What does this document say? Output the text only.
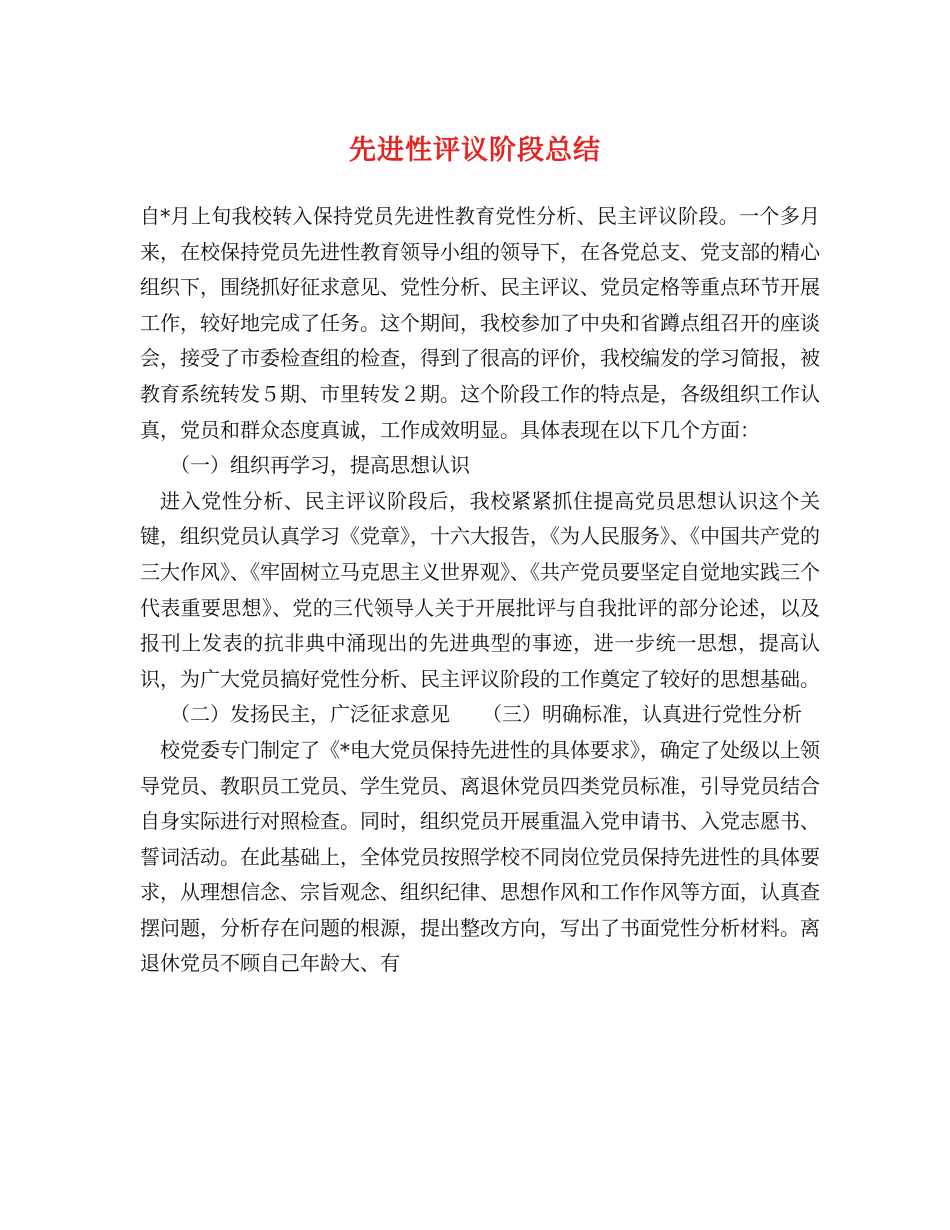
先进性评议阶段总结

自*月上旬我校转入保持党员先进性教育党性分析、民主评议阶段。一个多月来，在校保持党员先进性教育领导小组的领导下，在各党总支、党支部的精心组织下，围绕抓好征求意见、党性分析、民主评议、党员定格等重点环节开展工作，较好地完成了任务。这个期间，我校参加了中央和省蹲点组召开的座谈会，接受了市委检查组的检查，得到了很高的评价，我校编发的学习简报，被教育系统转发５期、市里转发２期。这个阶段工作的特点是，各级组织工作认真，党员和群众态度真诚，工作成效明显。具体表现在以下几个方面：

（一）组织再学习，提高思想认识

进入党性分析、民主评议阶段后，我校紧紧抓住提高党员思想认识这个关键，组织党员认真学习《党章》，十六大报告，《为人民服务》、《中国共产党的三大作风》、《牢固树立马克思主义世界观》、《共产党员要坚定自觉地实践三个代表重要思想》、党的三代领导人关于开展批评与自我批评的部分论述，以及报刊上发表的抗非典中涌现出的先进典型的事迹，进一步统一思想，提高认识，为广大党员搞好党性分析、民主评议阶段的工作奠定了较好的思想基础。

（二）发扬民主，广泛征求意见 （三）明确标准，认真进行党性分析

校党委专门制定了《*电大党员保持先进性的具体要求》，确定了处级以上领导党员、教职员工党员、学生党员、离退休党员四类党员标准，引导党员结合自身实际进行对照检查。同时，组织党员开展重温入党申请书、入党志愿书、誓词活动。在此基础上，全体党员按照学校不同岗位党员保持先进性的具体要求，从理想信念、宗旨观念、组织纪律、思想作风和工作作风等方面，认真查摆问题，分析存在问题的根源，提出整改方向，写出了书面党性分析材料。离退休党员不顾自己年龄大、有
